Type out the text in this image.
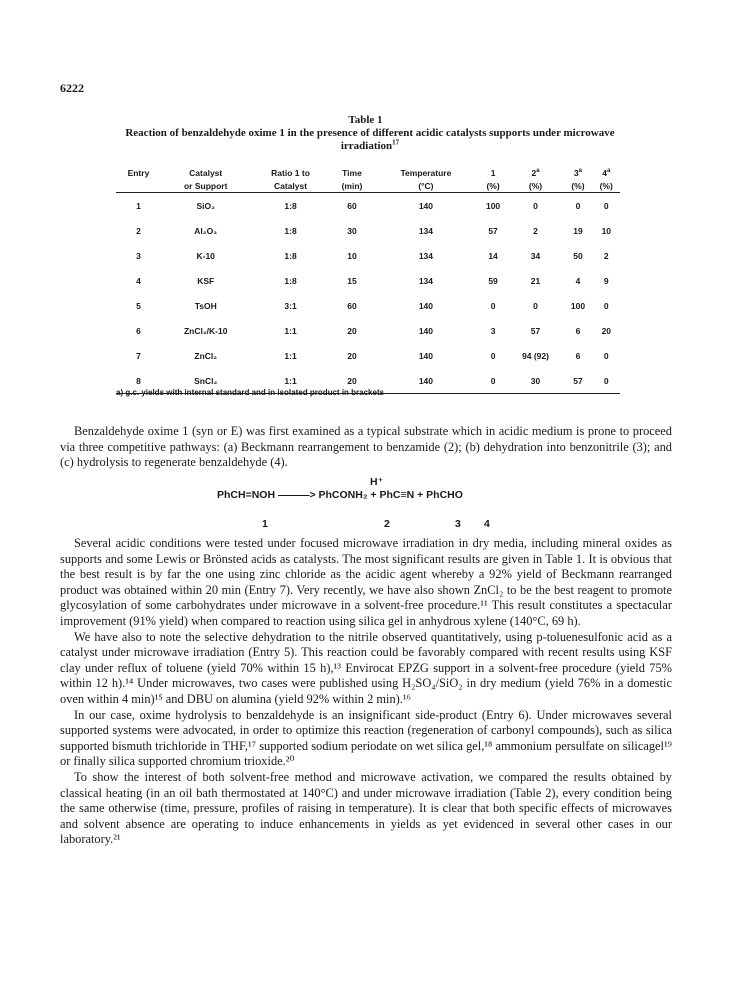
6222
Table 1
Reaction of benzaldehyde oxime 1 in the presence of different acidic catalysts supports under microwave irradiation$^{17}$
Entry	Catalyst	Ratio 1 to	Time	Temperature	1	2$^a$	3$^a$	4$^a$
	or Support	Catalyst	(min)	(°C)	(%)	(%)	(%)	(%)
1	SiO₂	1:8	60	140	100	0	0	0
2	Al₂O₃	1:8	30	134	57	2	19	10
3	K-10	1:8	10	134	14	34	50	2
4	KSF	1:8	15	134	59	21	4	9
5	TsOH	3:1	60	140	0	0	100	0
6	ZnCl₂/K-10	1:1	20	140	3	57	6	20
7	ZnCl₂	1:1	20	140	0	94 (92)	6	0
8	SnCl₂	1:1	20	140	0	30	57	0
a) g.c. yields with internal standard and in isolated product in brackets

Benzaldehyde oxime 1 (syn or E) was first examined as a typical substrate which in acidic medium is prone to proceed via three competitive pathways: (a) Beckmann rearrangement to benzamide (2); (b) dehydration into benzonitrile (3); and (c) hydrolysis to regenerate benzaldehyde (4).

H⁺
PhCH=NOH ———> PhCONH₂ + PhC≡N + PhCHO
1	2	3 4

Several acidic conditions were tested under focused microwave irradiation in dry media, including mineral oxides as supports and some Lewis or Brönsted acids as catalysts. The most significant results are given in Table 1. It is obvious that the best result is by far the one using zinc chloride as the acidic agent whereby a 92% yield of Beckmann rearranged product was obtained within 20 min (Entry 7). Very recently, we have also shown ZnCl₂ to be the best reagent to promote glycosylation of some carbohydrates under microwave in a solvent-free procedure.¹¹ This result constitutes a spectacular improvement (91% yield) when compared to reaction using silica gel in anhydrous xylene (140°C, 69 h).

We have also to note the selective dehydration to the nitrile observed quantitatively, using p-toluenesulfonic acid as a catalyst under microwave irradiation (Entry 5). This reaction could be favorably compared with recent results using KSF clay under reflux of toluene (yield 70% within 15 h),¹³ Envirocat EPZG support in a solvent-free procedure (yield 75% within 12 h).¹⁴ Under microwaves, two cases were published using H₂SO₄/SiO₂ in dry medium (yield 76% in a domestic oven within 4 min)¹⁵ and DBU on alumina (yield 92% within 2 min).¹⁶

In our case, oxime hydrolysis to benzaldehyde is an insignificant side-product (Entry 6). Under microwaves several supported systems were advocated, in order to optimize this reaction (regeneration of carbonyl compounds), such as silica supported bismuth trichloride in THF,¹⁷ supported sodium periodate on wet silica gel,¹⁸ ammonium persulfate on silicagel¹⁹ or finally silica supported chromium trioxide.²⁰

To show the interest of both solvent-free method and microwave activation, we compared the results obtained by classical heating (in an oil bath thermostated at 140°C) and under microwave irradiation (Table 2), every condition being the same otherwise (time, pressure, profiles of raising in temperature). It is clear that both specific effects of microwaves and solvent absence are operating to induce enhancements in yields as yet evidenced in several other cases in our laboratory.²¹
